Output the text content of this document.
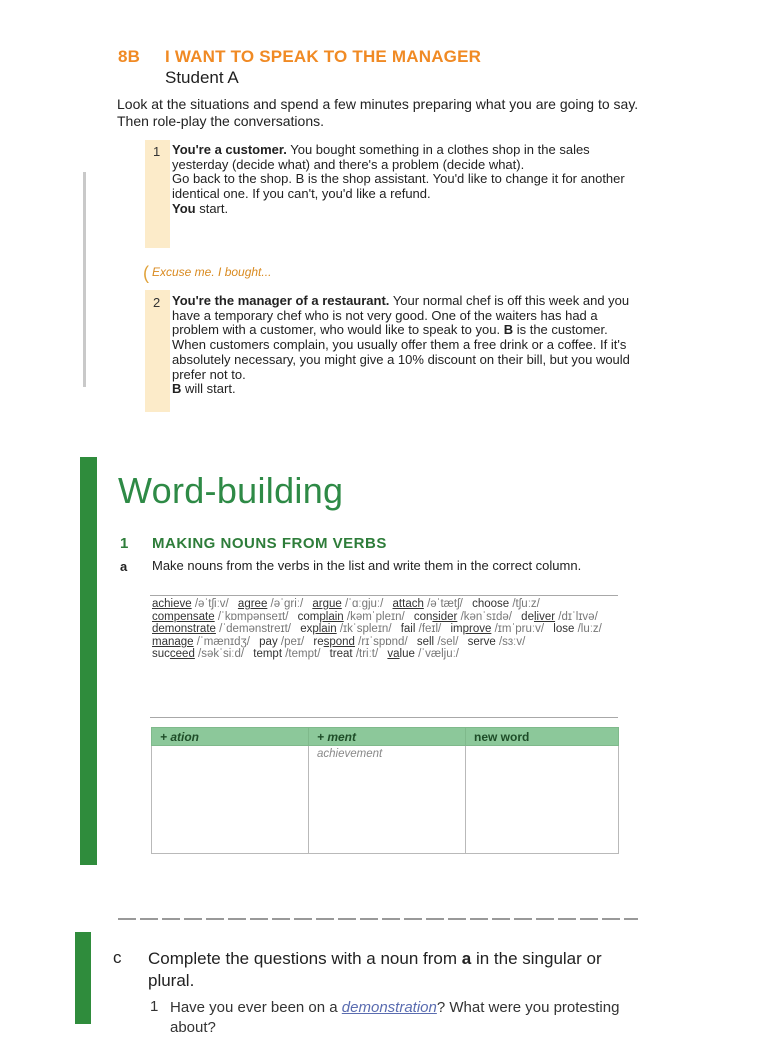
8B I WANT TO SPEAK TO THE MANAGER
Student A
Look at the situations and spend a few minutes preparing what you are going to say. Then role-play the conversations.
1 You're a customer. You bought something in a clothes shop in the sales yesterday (decide what) and there's a problem (decide what).
Go back to the shop. B is the shop assistant. You'd like to change it for another identical one. If you can't, you'd like a refund.
You start.
( Excuse me. I bought...
2 You're the manager of a restaurant. Your normal chef is off this week and you have a temporary chef who is not very good. One of the waiters has had a problem with a customer, who would like to speak to you. B is the customer. When customers complain, you usually offer them a free drink or a coffee. If it's absolutely necessary, you might give a 10% discount on their bill, but you would prefer not to.
B will start.
Word-building
1 MAKING NOUNS FROM VERBS
a Make nouns from the verbs in the list and write them in the correct column.
achieve /əˈtʃiːv/ agree /əˈgriː/ argue /ˈɑːgjuː/ attach /əˈtætʃ/ choose /tʃuːz/ compensate /ˈkɒmpənseɪt/ complain /kəmˈpleɪn/ consider /kənˈsɪdə/ deliver /dɪˈlɪvə/ demonstrate /ˈdemənstreɪt/ explain /ɪkˈspleɪn/ fail /feɪl/ improve /ɪmˈpruːv/ lose /luːz/ manage /ˈmænɪdʒ/ pay /peɪ/ respond /rɪˈspɒnd/ sell /sel/ serve /sɜːv/ succeed /səkˈsiːd/ tempt /tempt/ treat /triːt/ value /ˈvæljuː/
+ ation	+ ment	new word
	achievement	
c Complete the questions with a noun from a in the singular or plural.
1 Have you ever been on a demonstration? What were you protesting about?
